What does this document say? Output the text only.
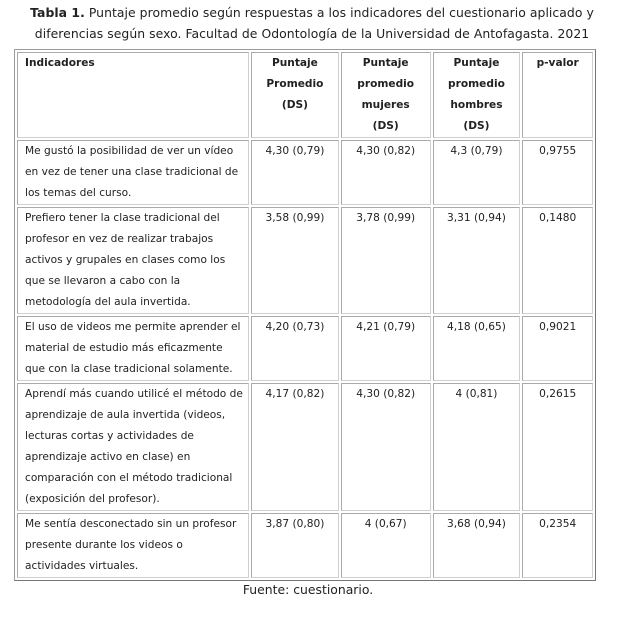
Tabla 1. Puntaje promedio según respuestas a los indicadores del cuestionario aplicado y diferencias según sexo. Facultad de Odontología de la Universidad de Antofagasta. 2021
Indicadores	Puntaje Promedio (DS)	Puntaje promedio mujeres (DS)	Puntaje promedio hombres (DS)	p-valor
Me gustó la posibilidad de ver un vídeo en vez de tener una clase tradicional de los temas del curso.	4,30 (0,79)	4,30 (0,82)	4,3 (0,79)	0,9755
Prefiero tener la clase tradicional del profesor en vez de realizar trabajos activos y grupales en clases como los que se llevaron a cabo con la metodología del aula invertida.	3,58 (0,99)	3,78 (0,99)	3,31 (0,94)	0,1480
El uso de videos me permite aprender el material de estudio más eficazmente que con la clase tradicional solamente.	4,20 (0,73)	4,21 (0,79)	4,18 (0,65)	0,9021
Aprendí más cuando utilicé el método de aprendizaje de aula invertida (videos, lecturas cortas y actividades de aprendizaje activo en clase) en comparación con el método tradicional (exposición del profesor).	4,17 (0,82)	4,30 (0,82)	4 (0,81)	0,2615
Me sentía desconectado sin un profesor presente durante los videos o actividades virtuales.	3,87 (0,80)	4 (0,67)	3,68 (0,94)	0,2354
Fuente: cuestionario.
